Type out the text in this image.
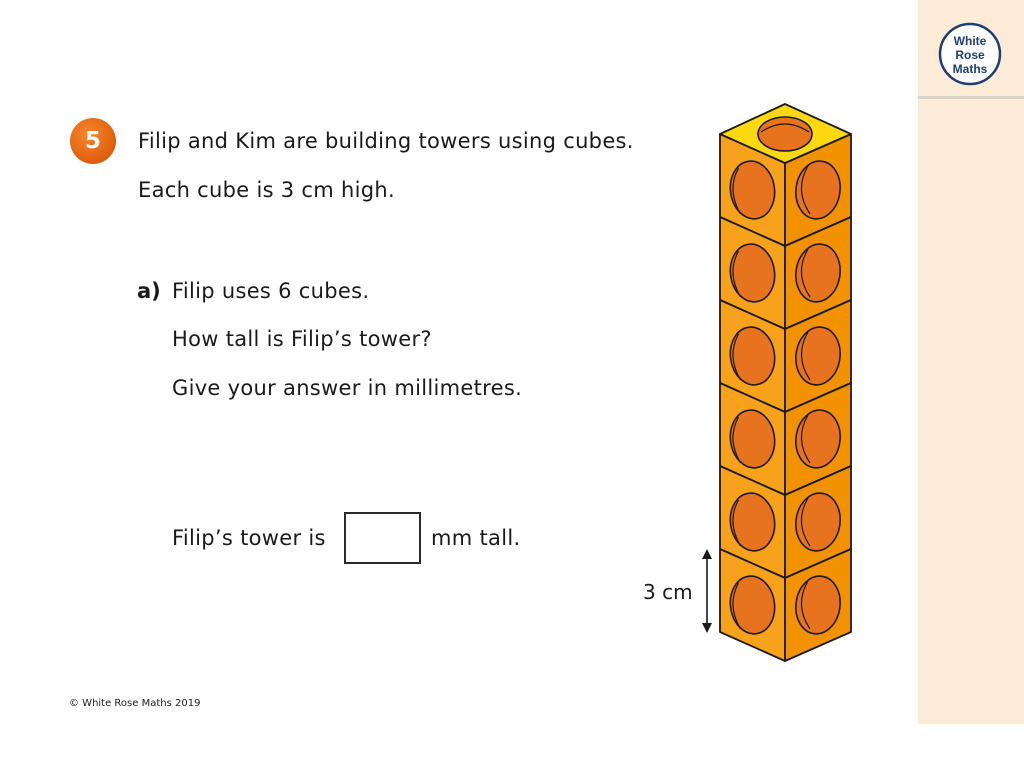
White
Rose
Maths
5	Filip and Kim are building towers using cubes.
Each cube is 3 cm high.
a) Filip uses 6 cubes.
How tall is Filip’s tower?
Give your answer in millimetres.
Filip’s tower is	mm tall.
3 cm
© White Rose Maths 2019
